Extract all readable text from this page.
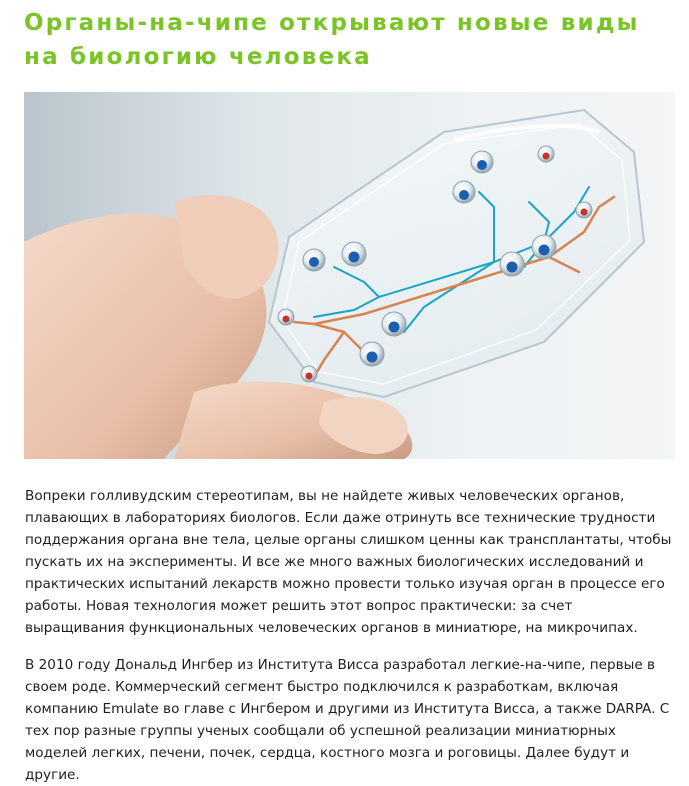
Органы-на-чипе открывают новые виды на биологию человека

Вопреки голливудским стереотипам, вы не найдете живых человеческих органов, плавающих в лабораториях биологов. Если даже отринуть все технические трудности поддержания органа вне тела, целые органы слишком ценны как трансплантаты, чтобы пускать их на эксперименты. И все же много важных биологических исследований и практических испытаний лекарств можно провести только изучая орган в процессе его работы. Новая технология может решить этот вопрос практически: за счет выращивания функциональных человеческих органов в миниатюре, на микрочипах.

В 2010 году Дональд Ингбер из Института Висса разработал легкие-на-чипе, первые в своем роде. Коммерческий сегмент быстро подключился к разработкам, включая компанию Emulate во главе с Ингбером и другими из Института Висса, а также DARPA. С тех пор разные группы ученых сообщали об успешной реализации миниатюрных моделей легких, печени, почек, сердца, костного мозга и роговицы. Далее будут и другие.
